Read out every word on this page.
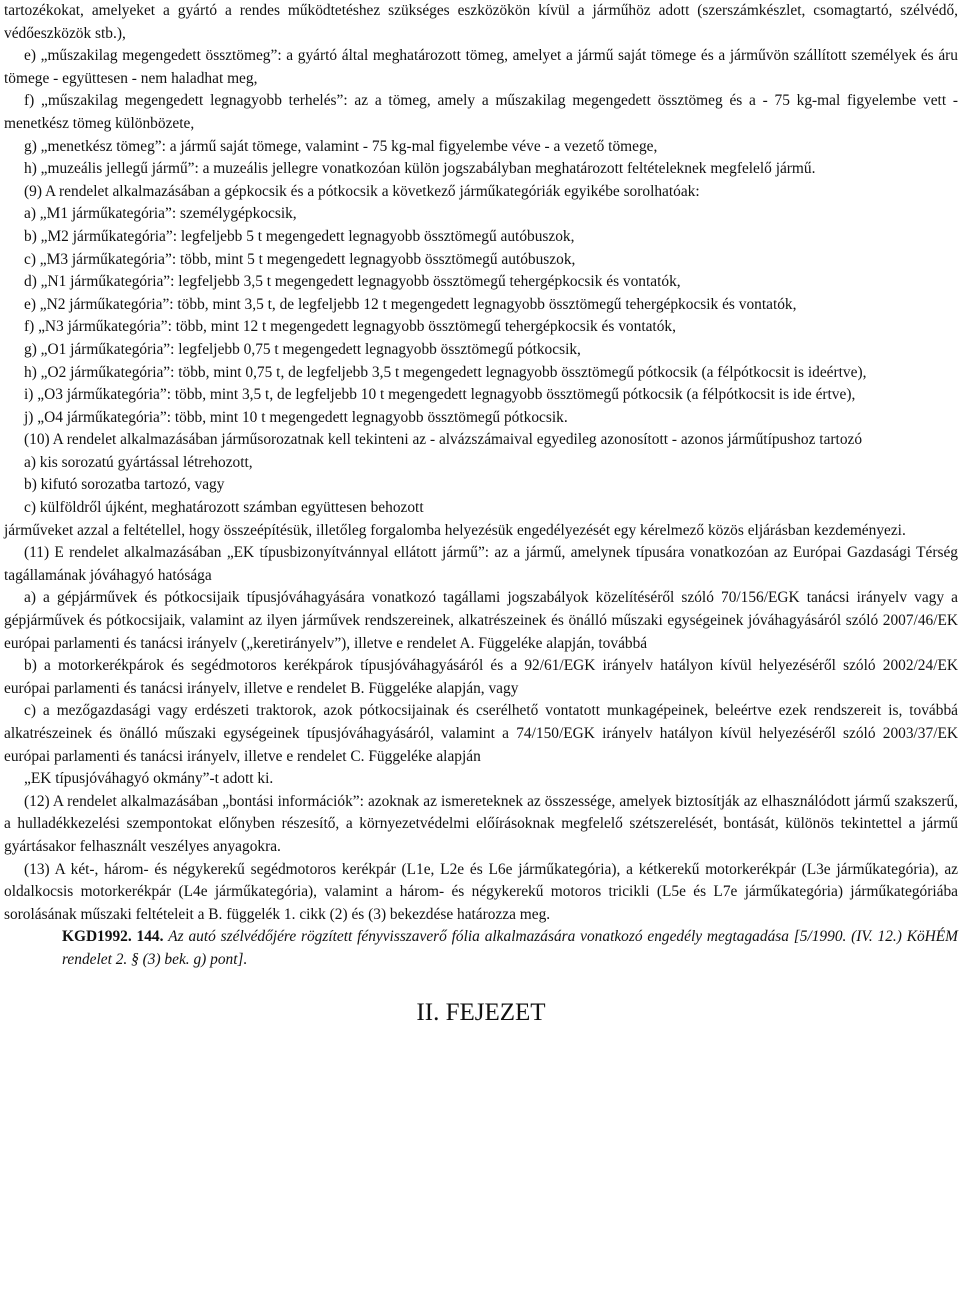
tartozékokat, amelyeket a gyártó a rendes működtetéshez szükséges eszközökön kívül a járműhöz adott (szerszámkészlet, csomagtartó, szélvédő, védőeszközök stb.),

e) „műszakilag megengedett össztömeg”: a gyártó által meghatározott tömeg, amelyet a jármű saját tömege és a járművön szállított személyek és áru tömege - együttesen - nem haladhat meg,

f) „műszakilag megengedett legnagyobb terhelés”: az a tömeg, amely a műszakilag megengedett össztömeg és a - 75 kg-mal figyelembe vett - menetkész tömeg különbözete,

g) „menetkész tömeg”: a jármű saját tömege, valamint - 75 kg-mal figyelembe véve - a vezető tömege,

h) „muzeális jellegű jármű”: a muzeális jellegre vonatkozóan külön jogszabályban meghatározott feltételeknek megfelelő jármű.

(9) A rendelet alkalmazásában a gépkocsik és a pótkocsik a következő járműkategóriák egyikébe sorolhatóak:

a) „M1 járműkategória”: személygépkocsik,

b) „M2 járműkategória”: legfeljebb 5 t megengedett legnagyobb össztömegű autóbuszok,

c) „M3 járműkategória”: több, mint 5 t megengedett legnagyobb össztömegű autóbuszok,

d) „N1 járműkategória”: legfeljebb 3,5 t megengedett legnagyobb össztömegű tehergépkocsik és vontatók,

e) „N2 járműkategória”: több, mint 3,5 t, de legfeljebb 12 t megengedett legnagyobb össztömegű tehergépkocsik és vontatók,

f) „N3 járműkategória”: több, mint 12 t megengedett legnagyobb össztömegű tehergépkocsik és vontatók,

g) „O1 járműkategória”: legfeljebb 0,75 t megengedett legnagyobb össztömegű pótkocsik,

h) „O2 járműkategória”: több, mint 0,75 t, de legfeljebb 3,5 t megengedett legnagyobb össztömegű pótkocsik (a félpótkocsit is ideértve),

i) „O3 járműkategória”: több, mint 3,5 t, de legfeljebb 10 t megengedett legnagyobb össztömegű pótkocsik (a félpótkocsit is ide értve),

j) „O4 járműkategória”: több, mint 10 t megengedett legnagyobb össztömegű pótkocsik.

(10) A rendelet alkalmazásában járműsorozatnak kell tekinteni az - alvázszámaival egyedileg azonosított - azonos járműtípushoz tartozó

a) kis sorozatú gyártással létrehozott,

b) kifutó sorozatba tartozó, vagy

c) külföldről újként, meghatározott számban együttesen behozott

járműveket azzal a feltétellel, hogy összeépítésük, illetőleg forgalomba helyezésük engedélyezését egy kérelmező közös eljárásban kezdeményezi.

(11) E rendelet alkalmazásában „EK típusbizonyítvánnyal ellátott jármű”: az a jármű, amelynek típusára vonatkozóan az Európai Gazdasági Térség tagállamának jóváhagyó hatósága

a) a gépjárművek és pótkocsijaik típusjóváhagyására vonatkozó tagállami jogszabályok közelítéséről szóló 70/156/EGK tanácsi irányelv vagy a gépjárművek és pótkocsijaik, valamint az ilyen járművek rendszereinek, alkatrészeinek és önálló műszaki egységeinek jóváhagyásáról szóló 2007/46/EK európai parlamenti és tanácsi irányelv („keretirányelv”), illetve e rendelet A. Függeléke alapján, továbbá

b) a motorkerékpárok és segédmotoros kerékpárok típusjóváhagyásáról és a 92/61/EGK irányelv hatályon kívül helyezéséről szóló 2002/24/EK európai parlamenti és tanácsi irányelv, illetve e rendelet B. Függeléke alapján, vagy

c) a mezőgazdasági vagy erdészeti traktorok, azok pótkocsijainak és cserélhető vontatott munkagépeinek, beleértve ezek rendszereit is, továbbá alkatrészeinek és önálló műszaki egységeinek típusjóváhagyásáról, valamint a 74/150/EGK irányelv hatályon kívül helyezéséről szóló 2003/37/EK európai parlamenti és tanácsi irányelv, illetve e rendelet C. Függeléke alapján

„EK típusjóváhagyó okmány”-t adott ki.

(12) A rendelet alkalmazásában „bontási információk”: azoknak az ismereteknek az összessége, amelyek biztosítják az elhasználódott jármű szakszerű, a hulladékkezelési szempontokat előnyben részesítő, a környezetvédelmi előírásoknak megfelelő szétszerelését, bontását, különös tekintettel a jármű gyártásakor felhasznált veszélyes anyagokra.

(13) A két-, három- és négykerekű segédmotoros kerékpár (L1e, L2e és L6e járműkategória), a kétkerekű motorkerékpár (L3e járműkategória), az oldalkocsis motorkerékpár (L4e járműkategória), valamint a három- és négykerekű motoros tricikli (L5e és L7e járműkategória) járműkategóriába sorolásának műszaki feltételeit a B. függelék 1. cikk (2) és (3) bekezdése határozza meg.

KGD1992. 144. Az autó szélvédőjére rögzített fényvisszaverő fólia alkalmazására vonatkozó engedély megtagadása [5/1990. (IV. 12.) KöHÉM rendelet 2. § (3) bek. g) pont].

II. FEJEZET
